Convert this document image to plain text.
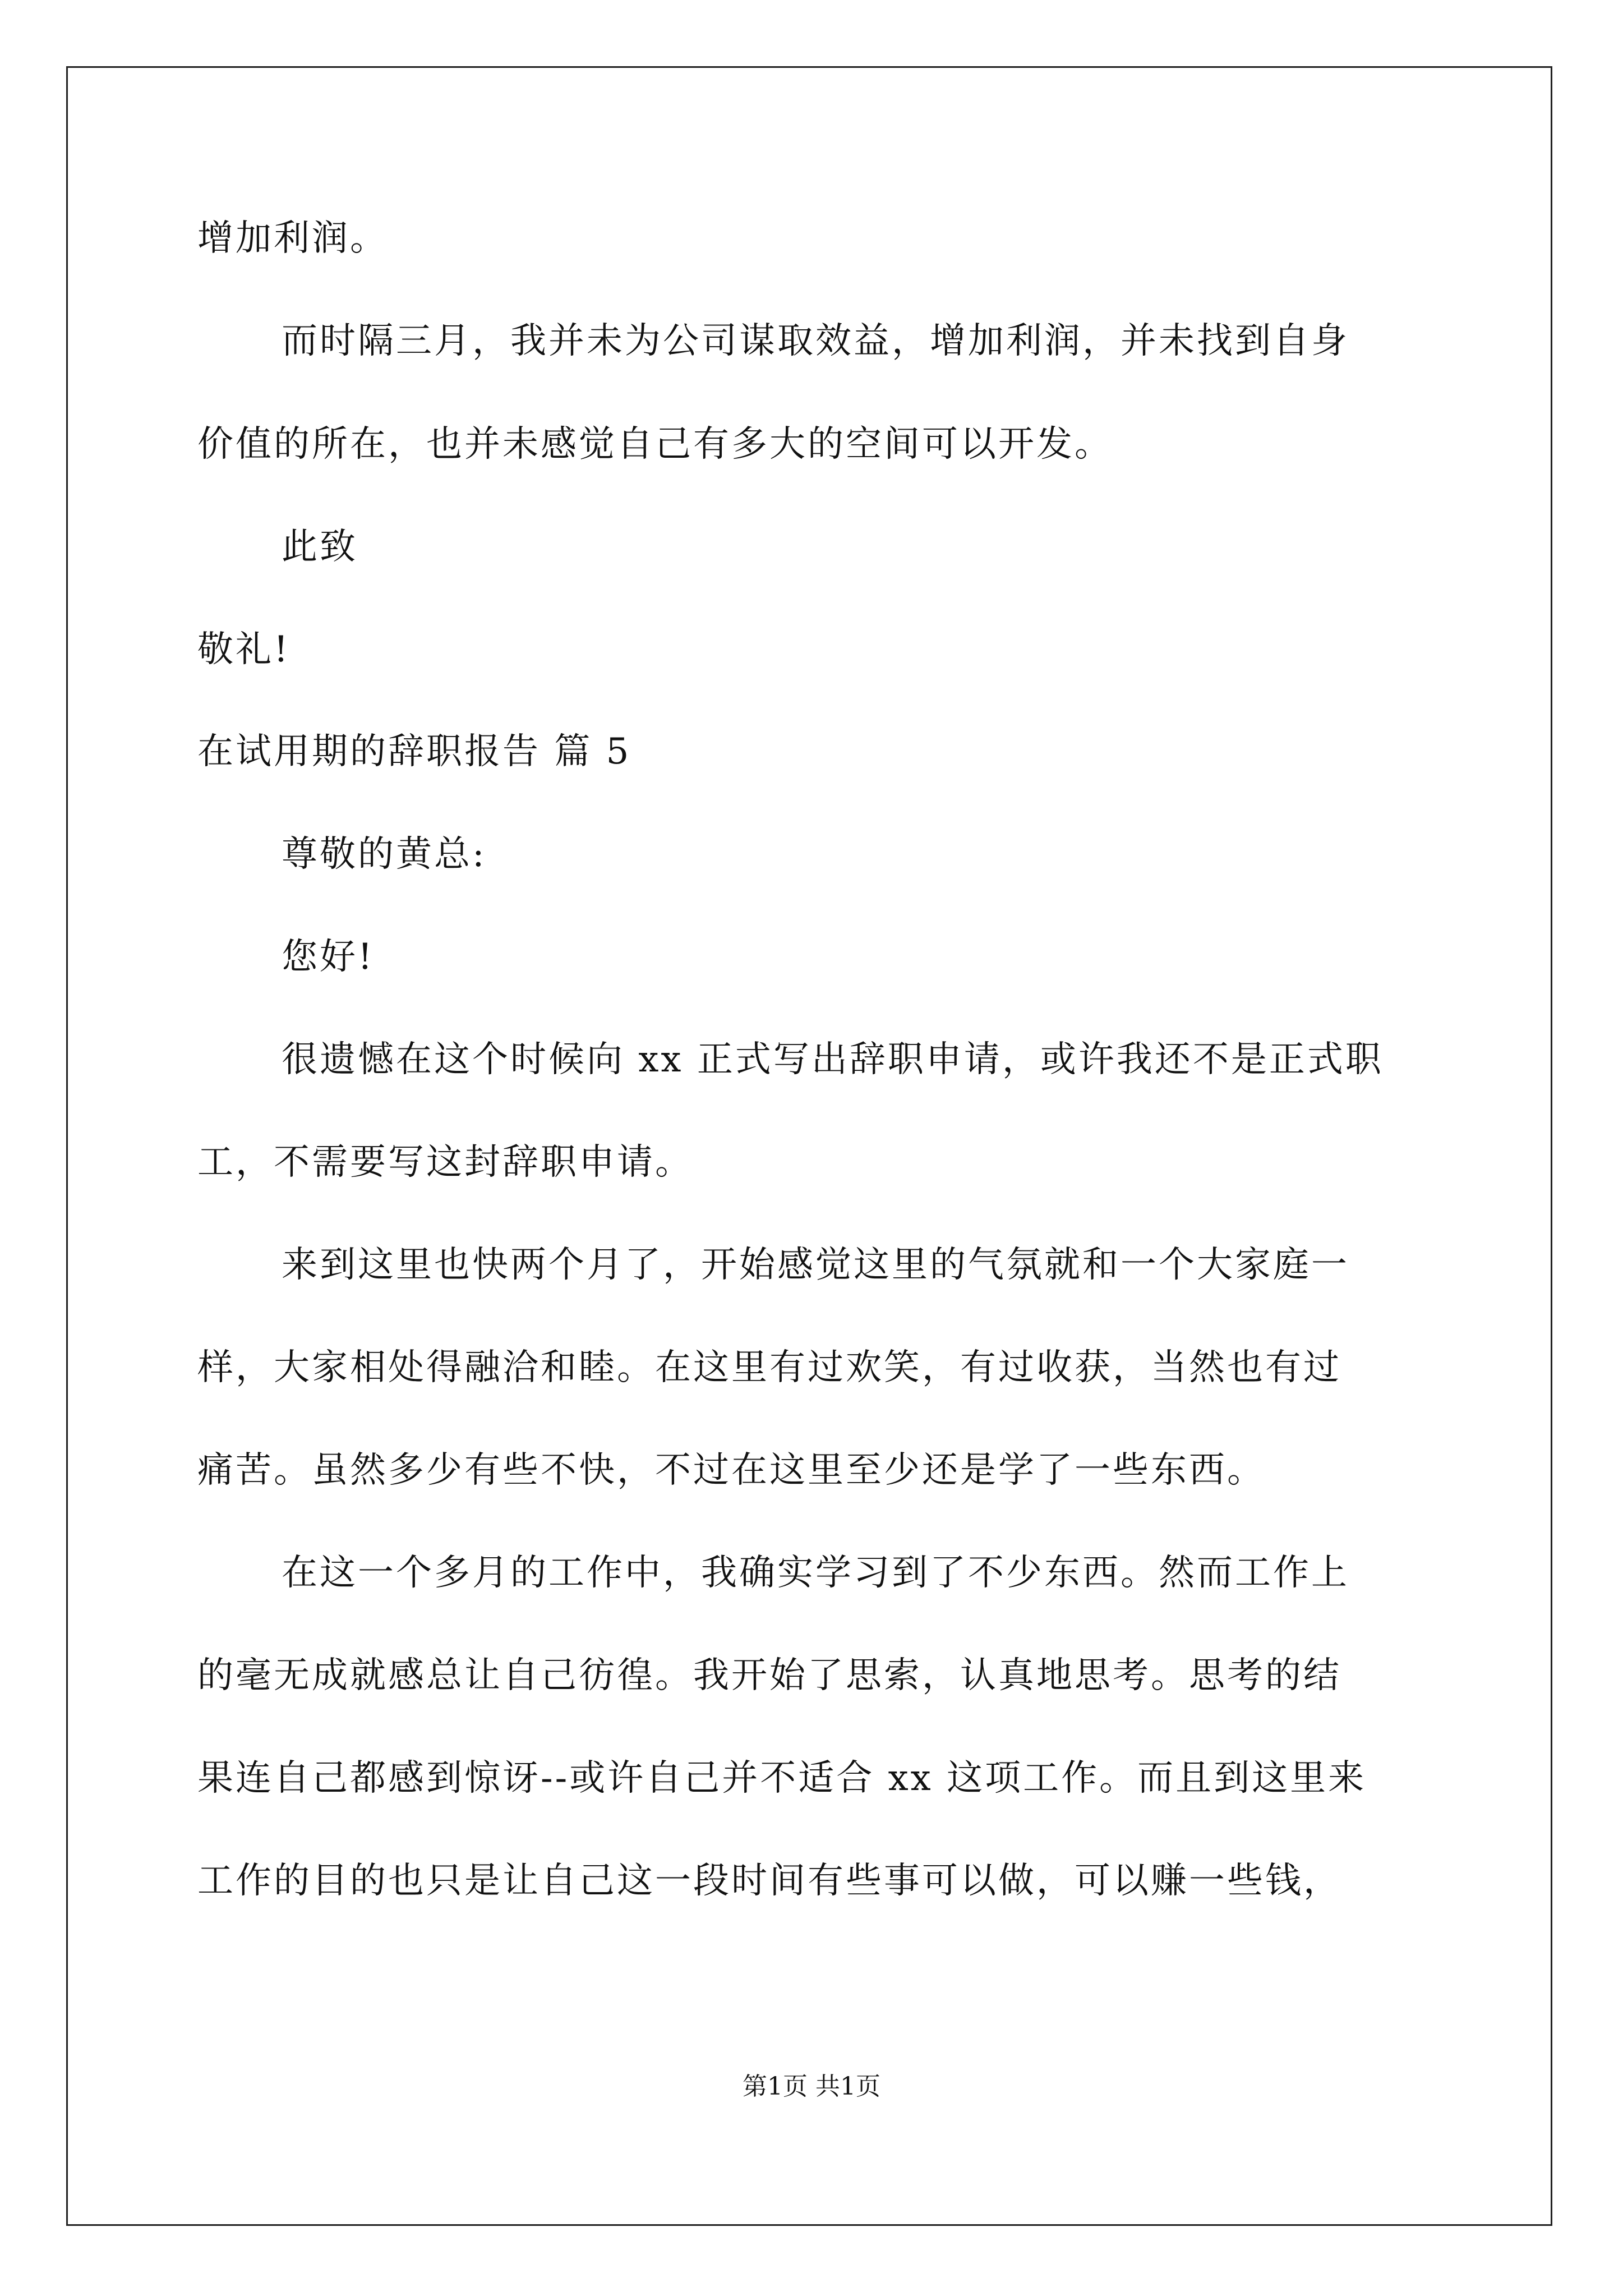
增加利润。
而时隔三月，我并未为公司谋取效益，增加利润，并未找到自身
价值的所在，也并未感觉自己有多大的空间可以开发。
此致
敬礼!
在试用期的辞职报告 篇 5
尊敬的黄总:
您好!
很遗憾在这个时候向 xx 正式写出辞职申请，或许我还不是正式职
工，不需要写这封辞职申请。
来到这里也快两个月了，开始感觉这里的气氛就和一个大家庭一
样，大家相处得融洽和睦。在这里有过欢笑，有过收获，当然也有过
痛苦。虽然多少有些不快，不过在这里至少还是学了一些东西。
在这一个多月的工作中，我确实学习到了不少东西。然而工作上
的毫无成就感总让自己彷徨。我开始了思索，认真地思考。思考的结
果连自己都感到惊讶--或许自己并不适合 xx 这项工作。而且到这里来
工作的目的也只是让自己这一段时间有些事可以做，可以赚一些钱，
第1页 共1页
